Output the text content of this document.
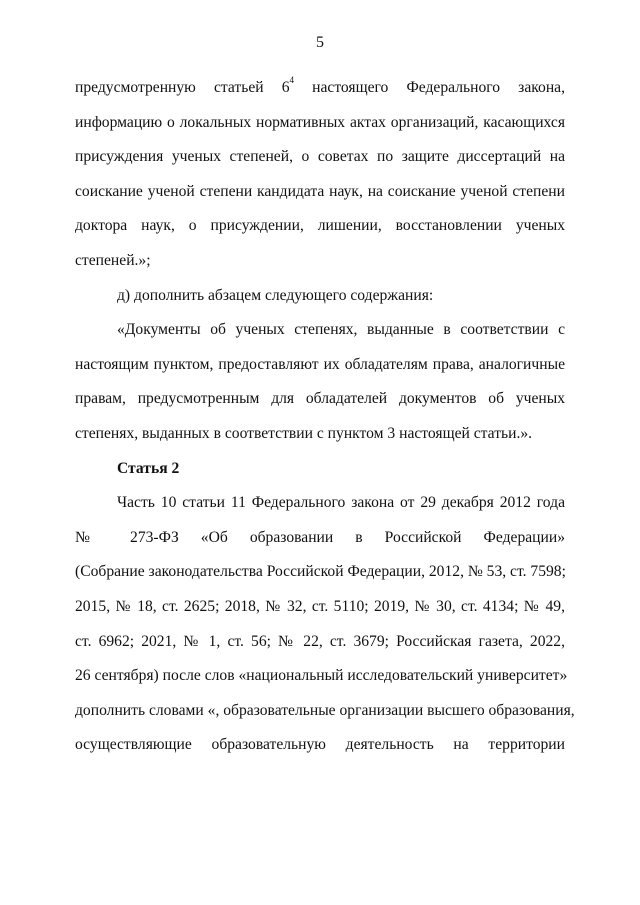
5
предусмотренную статьей $6^4$ настоящего Федерального закона,
информацию о локальных нормативных актах организаций, касающихся
присуждения ученых степеней, о советах по защите диссертаций на
соискание ученой степени кандидата наук, на соискание ученой степени
доктора наук, о присуждении, лишении, восстановлении ученых
степеней.»;
д) дополнить абзацем следующего содержания:
«Документы об ученых степенях, выданные в соответствии с
настоящим пунктом, предоставляют их обладателям права, аналогичные
правам, предусмотренным для обладателей документов об ученых
степенях, выданных в соответствии с пунктом 3 настоящей статьи.».
Статья 2
Часть 10 статьи 11 Федерального закона от 29 декабря 2012 года
№ 273-ФЗ «Об образовании в Российской Федерации»
(Собрание законодательства Российской Федерации, 2012, № 53, ст. 7598;
2015, № 18, ст. 2625; 2018, № 32, ст. 5110; 2019, № 30, ст. 4134; № 49,
ст. 6962; 2021, № 1, ст. 56; № 22, ст. 3679; Российская газета, 2022,
26 сентября) после слов «национальный исследовательский университет»
дополнить словами «, образовательные организации высшего образования,
осуществляющие образовательную деятельность на территории
